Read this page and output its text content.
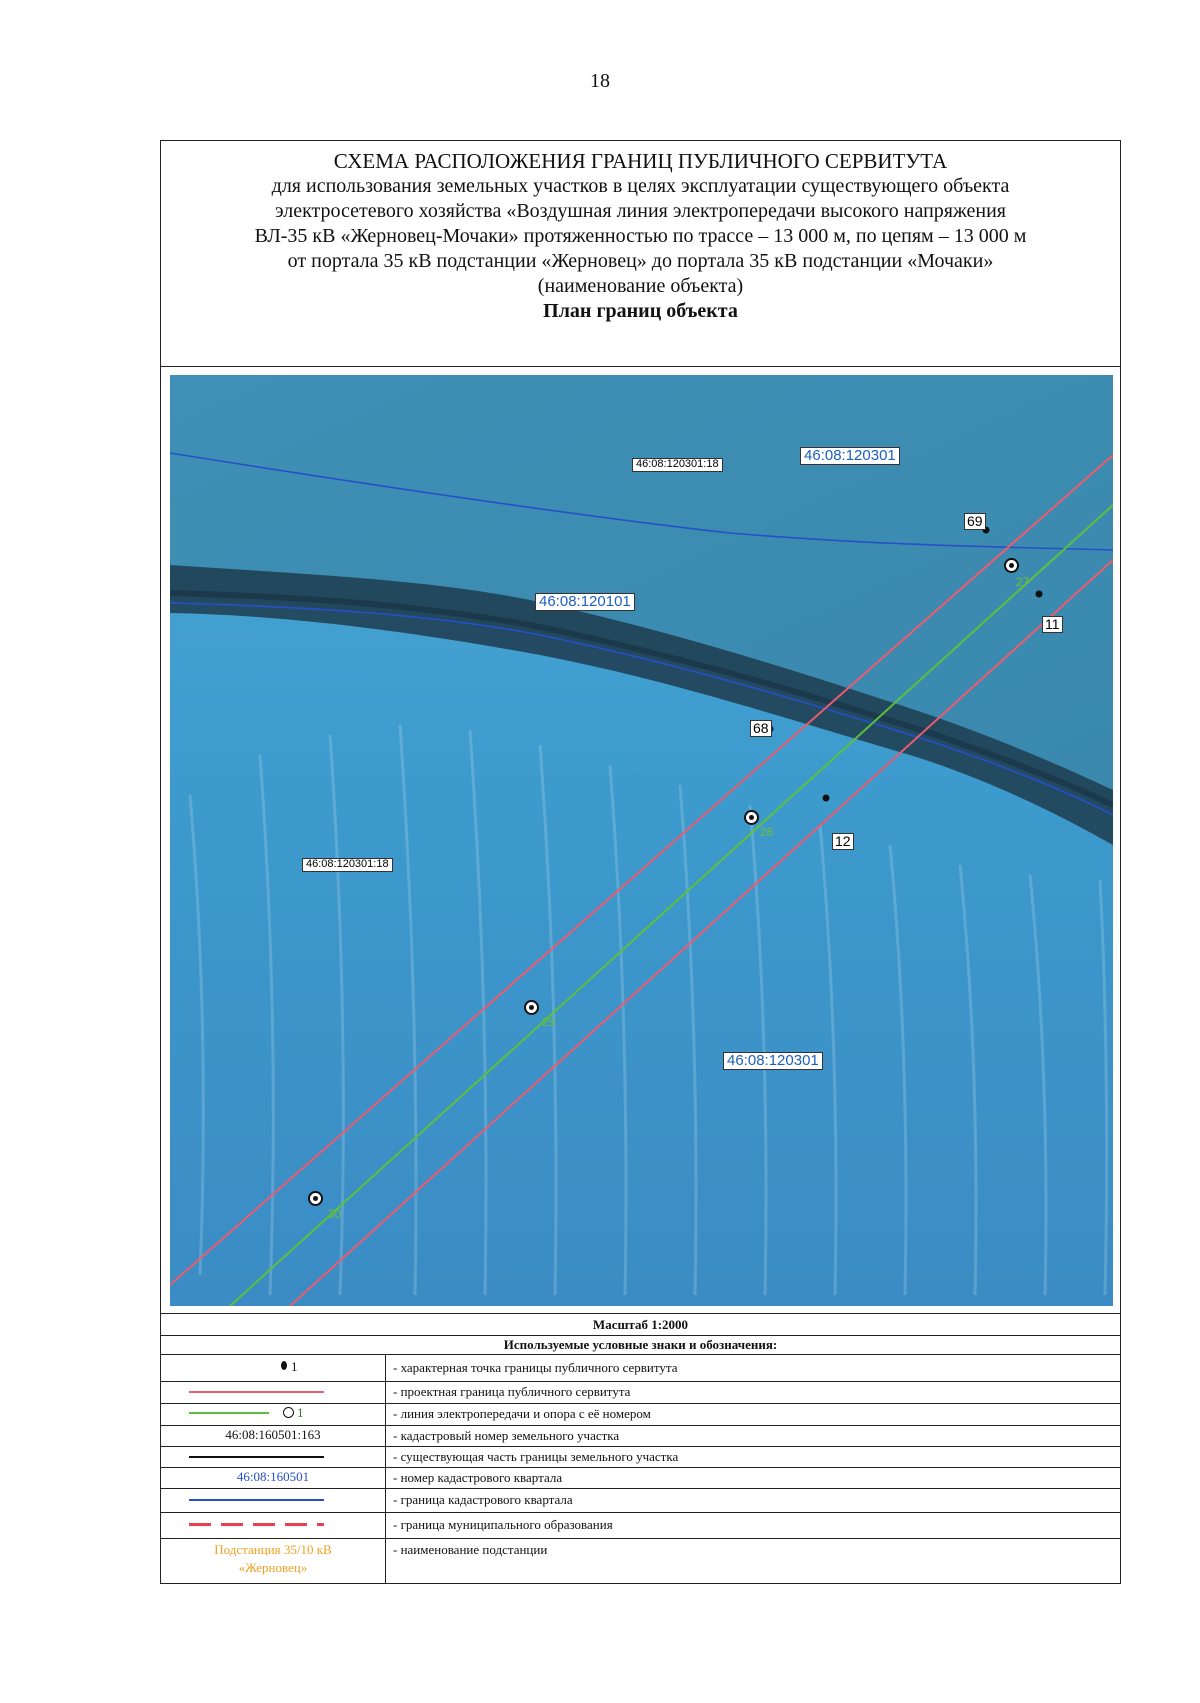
18
СХЕМА РАСПОЛОЖЕНИЯ ГРАНИЦ ПУБЛИЧНОГО СЕРВИТУТА
для использования земельных участков в целях эксплуатации существующего объекта
электросетевого хозяйства «Воздушная линия электропередачи высокого напряжения
ВЛ-35 кВ «Жерновец-Мочаки» протяженностью по трассе – 13 000 м, по цепям – 13 000 м
от портала 35 кВ подстанции «Жерновец» до портала 35 кВ подстанции «Мочаки»
(наименование объекта)
План границ объекта
46:08:120301:18	46:08:120301
46:08:120101
46:08:120301:18
46:08:120301
69
11
68
12
27
28
29
30
Масштаб 1:2000
Используемые условные знаки и обозначения:
1	- характерная точка границы публичного сервитута
- проектная граница публичного сервитута
1	- линия электропередачи и опора с её номером
46:08:160501:163	- кадастровый номер земельного участка
- существующая часть границы земельного участка
46:08:160501	- номер кадастрового квартала
- граница кадастрового квартала
- граница муниципального образования
Подстанция 35/10 кВ
«Жерновец»
- наименование подстанции
